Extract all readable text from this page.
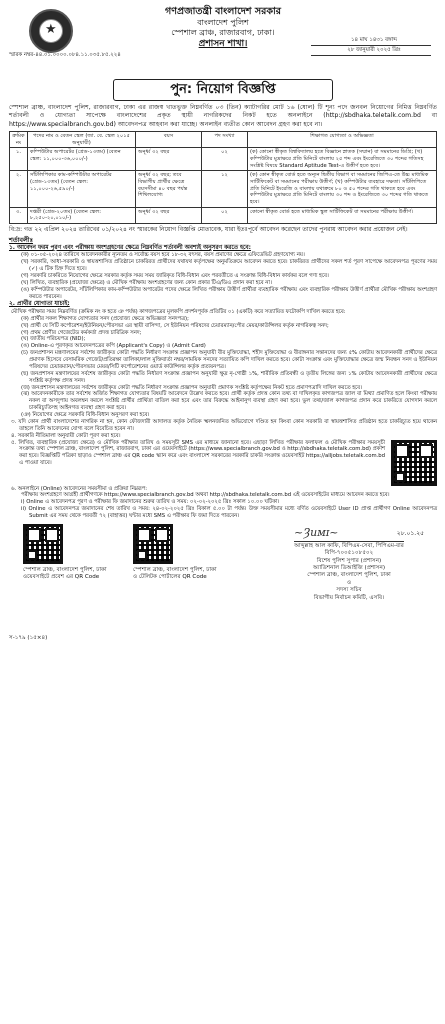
★
গণপ্রজাতন্ত্রী বাংলাদেশ সরকার
বাংলাদেশ পুলিশ
স্পেশাল ব্রাঞ্চ, রাজারবাগ, ঢাকা।
প্রশাসন শাখা।	১৪ মাঘ ১৪৩১ বঙ্গাব্দ
২৮ জানুয়ারী ২০২৫ খ্রিঃ
স্মারক নম্বর-৪৪.০১.০০০০.০৮৪.১১.০৩৫.৮৫.২২৪
পুন: নিয়োগ বিজ্ঞপ্তি
স্পেশাল ব্রাঞ্চ, বাংলাদেশ পুলিশ, রাজারবাগ, ঢাকা এর রাজস্ব খাতভুক্ত নিম্নবর্ণিত ০৩ (তিন) ক্যাটাগরির মোট ১৬ (ষোল) টি শূন্য পদে জনবল নিয়োগের নিমিত্ত নিম্নবর্ণিত শর্তাবলী ও যোগ্যতা সাপেক্ষে বাংলাদেশের প্রকৃত স্থায়ী নাগরিকদের নিকট হতে অনলাইনে (http://sbdhaka.teletalk.com.bd বা https://www.specialbranch.gov.bd) আবেদনপত্র আহবান করা যাচ্ছে। অনলাইন ব্যতীত কোন আবেদন গ্রহণ করা হবে না।
ক্রমিক নং	পদের নাম ও বেতন স্কেল (জা. বে. স্কেল ২০১৫ অনুযায়ী)	বয়স	পদ সংখ্যা	শিক্ষাগত যোগ্যতা ও অভিজ্ঞতা
১.	কম্পিউটার অপারেটর (গ্রেড-১৩তম) (বেতন স্কেল: ১১,০০০-৩৬,০০০/-)	অনূর্ধ্ব ৩২ বছর	০২	(ক) কোনো স্বীকৃত বিশ্ববিদ্যালয় হতে বিজ্ঞানে স্নাতক (সম্মান) বা সমমানের ডিগ্রি; (খ) কম্পিউটার মুদ্রাক্ষরে প্রতি মিনিটে বাংলায় ২৫ শব্দ এবং ইংরেজিতে ৩০ শব্দের গতিসহ সংশ্লিষ্ট বিষয়ে Standard Aptitude Test-এ উত্তীর্ণ হতে হবে।
২.	সাঁটলিপিকার কাম-কম্পিউটার অপারেটর (গ্রেড-১৩তম) (বেতন স্কেল: ১১,০০০-২৬,৫৯০/-)	অনূর্ধ্ব ৩২ বছর; তবে বিভাগীয় প্রার্থীর ক্ষেত্রে বয়সসীমা ৪০ বছর পর্যন্ত শিথিলযোগ্য	১২	(ক) কোন স্বীকৃত বোর্ড হতে অন্যূন দ্বিতীয় বিভাগ বা সমমানের জিপিএ-তে উচ্চ মাধ্যমিক সার্টিফিকেট বা সমমানের পরীক্ষায় উত্তীর্ণ; (খ) কম্পিউটার ব্যবহারে দক্ষতা। সাঁটলিপিতে প্রতি মিনিটে ইংরেজি ও বাংলায় যথাক্রমে ৮০ ও ৫০ শব্দের গতি থাকতে হবে এবং কম্পিউটার মুদ্রাক্ষরে প্রতি মিনিটে বাংলায় ৩০ শব্দ ও ইংরেজিতে ৩০ শব্দের গতি থাকতে হবে।
৩.	দপ্তরী (গ্রেড-২০তম) (বেতন স্কেল: ৮,২৫০-২০,০১০/-)	অনূর্ধ্ব ৩২ বছর	০২	কোনো স্বীকৃত বোর্ড হতে মাধ্যমিক স্কুল সার্টিফিকেট বা সমমানের পরীক্ষায় উত্তীর্ণ।
বি:দ্র: গত ২২ এপ্রিল ২০২৪ তারিখের ০১/২০২৪ নং স্মারকের নিয়োগ বিজ্ঞপ্তি মোতাবেক, যারা ইতঃপূর্বে আবেদন করেছেন তাদের পুনরায় আবেদন করার প্রয়োজন নেই।
শর্তাবলীঃ
১. আবেদন ফরম পূরণ এবং পরীক্ষায় অংশগ্রহণের ক্ষেত্রে নিম্নবর্ণিত শর্তাবলী অবশ্যই অনুসরণ করতে হবে:
(ক) ০১-০৫-২০২৪ তারিখে আবেদনকারীর ন্যূনতম ও সর্বোচ্চ বয়স হবে ১৮-৩২ বৎসর, বয়স প্রমাণের ক্ষেত্রে এফিডেভিট গ্রহণযোগ্য নয়।
(খ) সরকারি, আধা-সরকারি ও স্বায়ত্তশাসিত প্রতিষ্ঠানে চাকরিরত প্রার্থীদের যথাযথ কর্তৃপক্ষের অনুমতিক্রমে আবেদন করতে হবে। চাকরিরত প্রার্থীদের সকল শর্ত পূরণ সাপেক্ষে আবেদনপত্র পূরণের সময় (✓) এ টিক চিহ্ন দিতে হবে।
(গ) সরকারি চাকরিতে নিয়োগের ক্ষেত্রে সরকার কর্তৃক সময় সময় জারিকৃত বিধি-বিধান এবং পরবর্তীতে এ সংক্রান্ত বিধি-বিধান কার্যকর বলে গণ্য হবে।
(ঘ) লিখিত, ব্যবহারিক (প্রযোজ্য ক্ষেত্রে) ও মৌখিক পরীক্ষায় অংশগ্রহণের জন্য কোন প্রকার টিএ/ডিএ প্রদান করা হবে না।
(ঙ) কম্পিউটার অপারেটর, সাঁটলিপিকার কাম-কম্পিউটার অপারেটর পদের ক্ষেত্রে লিখিত পরীক্ষায় উত্তীর্ণ প্রার্থীরা ব্যবহারিক পরীক্ষায় এবং ব্যবহারিক পরীক্ষায় উত্তীর্ণ প্রার্থীরা মৌখিক পরীক্ষায় অংশগ্রহণ করতে পারবেন।
২. প্রার্থীর যোগ্যতা যাচাই:
মৌখিক পরীক্ষার সময় নিম্নবর্ণিত (ক্রমিক নং ক হতে ঞ পর্যন্ত) কাগজপত্রের মূলকপি প্রদর্শনপূর্বক প্রতিটির ০১ (একটি) করে সত্যায়িত ফটোকপি দাখিল করতে হবে:
(ক) প্রার্থীর সকল শিক্ষাগত যোগ্যতার সনদ (প্রযোজ্য ক্ষেত্রে অভিজ্ঞতা সনদপত্র);
(খ) প্রার্থী যে সিটি কর্পোরেশন/ইউনিয়ন/পৌরসভা এর স্থায়ী বাসিন্দা, সে ইউনিয়ন পরিষদের চেয়ারম্যান/পৌর মেয়র/কাউন্সিলর কর্তৃক নাগরিকত্ব সনদ;
(গ) প্রথম শ্রেণীর গেজেটেড কর্মকর্তা প্রদত্ত চারিত্রিক সনদ;
(ঘ) জাতীয় পরিচয়পত্র (NID);
(ঙ) Online-এ পূরণকৃত আবেদনপত্রের কপি (Applicant's Copy) ও (Admit Card)
(চ) জনপ্রশাসন মন্ত্রণালয়ের সর্বশেষ জারীকৃত কোটা পদ্ধতি নির্ধারণ সংক্রান্ত প্রজ্ঞাপন অনুযায়ী বীর মুক্তিযোদ্ধা, শহীদ মুক্তিযোদ্ধা ও বীরাঙ্গনার সন্তানদের জন্য ৫% কোটায় আবেদনকারী প্রার্থীদের ক্ষেত্রে প্রমাণক হিসেবে বেসামরিক গেজেট/প্রতিরক্ষা তালিকা/লাল মুক্তিবার্তা নম্বর/সাময়িক সনদের সত্যায়িত কপি দাখিল করতে হবে। কোটা সংক্রান্ত এবং মুক্তিযোদ্ধার ক্ষেত্রে জন্ম নিবন্ধন সনদ ও ইউনিয়ন পরিষদের চেয়ারম্যান/পৌরসভার মেয়র/সিটি কর্পোরেশনের ওয়ার্ড কাউন্সিলর কর্তৃক প্রত্যয়নপত্র।
(ছ) জনপ্রশাসন মন্ত্রণালয়ের সর্বশেষ জারীকৃত কোটা পদ্ধতি নির্ধারণ সংক্রান্ত প্রজ্ঞাপন অনুযায়ী ক্ষুদ্র নৃ-গোষ্ঠী ১%, শারীরিক প্রতিবন্ধী ও তৃতীয় লিঙ্গের জন্য ১% কোটায় আবেদনকারী প্রার্থীদের ক্ষেত্রে সংশ্লিষ্ট কর্তৃপক্ষ প্রদত্ত সনদ।
(জ) জনপ্রশাসন মন্ত্রণালয়ের সর্বশেষ জারীকৃত কোটা পদ্ধতি নির্ধারণ সংক্রান্ত প্রজ্ঞাপন অনুযায়ী প্রমাণক সংশ্লিষ্ট কর্তৃপক্ষের নিকট হতে প্রমাণপত্রাদি দাখিল করতে হবে।
(ঝ) আবেদনকারীকে তার সর্বশেষ অর্জিত শিক্ষাগত যোগ্যতার বিষয়টি আবেদনে উল্লেখ করতে হবে। প্রার্থী কর্তৃক প্রদত্ত কোন তথ্য বা দাখিলকৃত কাগজপত্র জাল বা মিথ্যা প্রমাণিত হলে কিংবা পরীক্ষায় নকল বা অসদুপায় অবলম্বন করলে সংশ্লিষ্ট প্রার্থীর প্রার্থিতা বাতিল করা হবে এবং তার বিরুদ্ধে আইনানুগ ব্যবস্থা গ্রহণ করা হবে। ভুল তথ্য/জাল কাগজপত্র প্রদান করে চাকরিতে যোগদান করলে চাকরিচ্যুতিসহ আইনগত ব্যবস্থা গ্রহণ করা হবে।
(ঞ) নিয়োগের ক্ষেত্রে সরকারি বিধি-বিধান অনুসরণ করা হবে।
৩. যদি কোন প্রার্থী বাংলাদেশের নাগরিক না হন, কোন ফৌজদারী আদালত কর্তৃক নৈতিক স্খলনজনিত অভিযোগে দণ্ডিত হন কিংবা কোন সরকারি বা স্বায়ত্তশাসিত প্রতিষ্ঠান হতে চাকরিচ্যুত হয়ে থাকেন তাহলে তিনি আবেদনের যোগ্য বলে বিবেচিত হবেন না।
৪. সরকারি নীতিমালা অনুযায়ী কোটা পূরণ করা হবে।
৫. লিখিত, ব্যবহারিক (প্রযোজ্য ক্ষেত্রে) ও মৌখিক পরীক্ষার তারিখ ও সময়সূচী SMS এর মাধ্যমে জানানো হবে। এছাড়া লিখিত পরীক্ষার ফলাফল ও মৌখিক পরীক্ষার সময়সূচী সংক্রান্ত তথ্য স্পেশাল ব্রাঞ্চ, বাংলাদেশ পুলিশ, রাজারবাগ, ঢাকা এর ওয়েবসাইটে (https://www.specialbranch.gov.bd ও http://sbdhaka.teletalk.com.bd) প্রকাশ করা হবে। বিজ্ঞপ্তিটি পত্রিকা ছাড়াও স্পেশাল ব্রাঞ্চ এর QR code স্ক্যান করে এবং বাংলাদেশ সরকারের সরকারি চাকরি সংক্রান্ত ওয়েবসাইট https://alljobs.teletalk.com.bd এ পাওয়া যাবে।
৬. অনলাইনে (Online) আবেদনের সময়সীমা ও প্রক্রিয়া নিম্নরূপ:
পরীক্ষায় অংশগ্রহণে আগ্রহী প্রার্থীগণকে https://www.specialbranch.gov.bd অথবা http://sbdhaka.teletalk.com.bd এই ওয়েবসাইটের মাধ্যমে আবেদন করতে হবে।
i) Online এ আবেদনপত্র পূরণ ও পরীক্ষার ফি জমাদানের শুরুর তারিখ ও সময়: ০২-০২-২০২৫ খ্রিঃ সকাল ১০.০০ ঘটিকা।
ii) Online এ আবেদনপত্র জমাদানের শেষ তারিখ ও সময়: ২৪-০২-২০২৫ খ্রিঃ বিকাল ৫.০০ টা পর্যন্ত। উক্ত সময়সীমার মধ্যে বর্ণিত ওয়েবসাইটে User ID প্রাপ্ত প্রার্থীগণ Online আবেদনপত্র Submit এর সময় থেকে পরবর্তী ৭২ (বাহাত্তর) ঘন্টার মধ্যে SMS এ পরীক্ষার ফি জমা দিতে পারবেন।
স্পেশাল ব্রাঞ্চ, বাংলাদেশ পুলিশ, ঢাকা ওয়েবসাইটে প্রবেশ এর QR Code
স্পেশাল ব্রাঞ্চ, বাংলাদেশ পুলিশ, ঢাকা ও টেলিটক পোর্টালের QR Code
~Ȝuᴍɪ~	২৮.০১.২৫
আব্দুল্লাহ আল কাফি, বিপিএম-সেবা, পিপিএম-বার
বিপি-৭০০৫১০৮৫০২
বিশেষ পুলিশ সুপার (প্রশাসন)
অ্যাডিশনাল ডিআইজি (প্রশাসন)
স্পেশাল ব্রাঞ্চ, বাংলাদেশ পুলিশ, ঢাকা
ও
সদস্য সচিব
বিভাগীয় নির্বাচন কমিটি, এসবি।
স-১৭৯ (১৫×৪)
